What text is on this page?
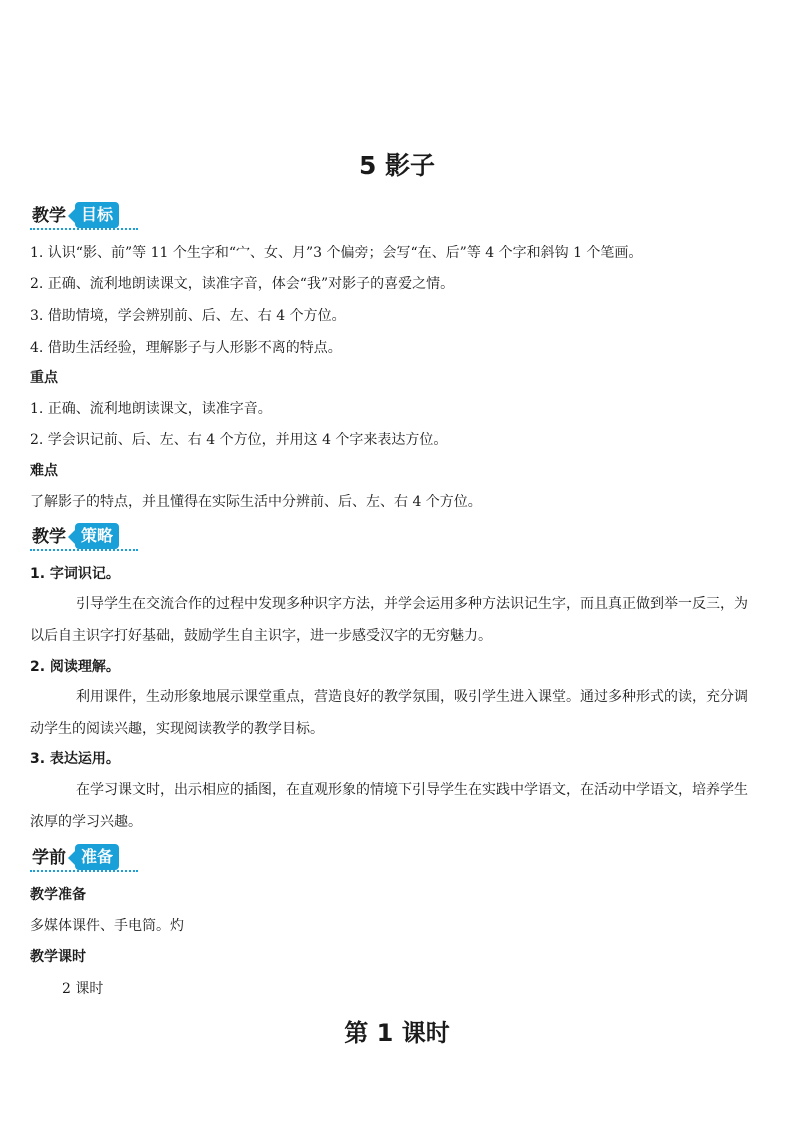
5 影子
教学 目标
1. 认识“影、前”等 11 个生字和“宀、女、月”3 个偏旁；会写“在、后”等 4 个字和斜钩 1 个笔画。
2. 正确、流利地朗读课文，读准字音，体会“我”对影子的喜爱之情。
3. 借助情境，学会辨别前、后、左、右 4 个方位。
4. 借助生活经验，理解影子与人形影不离的特点。
重点
1. 正确、流利地朗读课文，读准字音。
2. 学会识记前、后、左、右 4 个方位，并用这 4 个字来表达方位。
难点
了解影子的特点，并且懂得在实际生活中分辨前、后、左、右 4 个方位。
教学 策略
1. 字词识记。
引导学生在交流合作的过程中发现多种识字方法，并学会运用多种方法识记生字，而且真正做到举一反三，为以后自主识字打好基础，鼓励学生自主识字，进一步感受汉字的无穷魅力。
2. 阅读理解。
利用课件，生动形象地展示课堂重点，营造良好的教学氛围，吸引学生进入课堂。通过多种形式的读，充分调动学生的阅读兴趣，实现阅读教学的教学目标。
3. 表达运用。
在学习课文时，出示相应的插图，在直观形象的情境下引导学生在实践中学语文，在活动中学语文，培养学生浓厚的学习兴趣。
学前 准备
教学准备
多媒体课件、手电筒。灼
教学课时
2 课时
第 1 课时
